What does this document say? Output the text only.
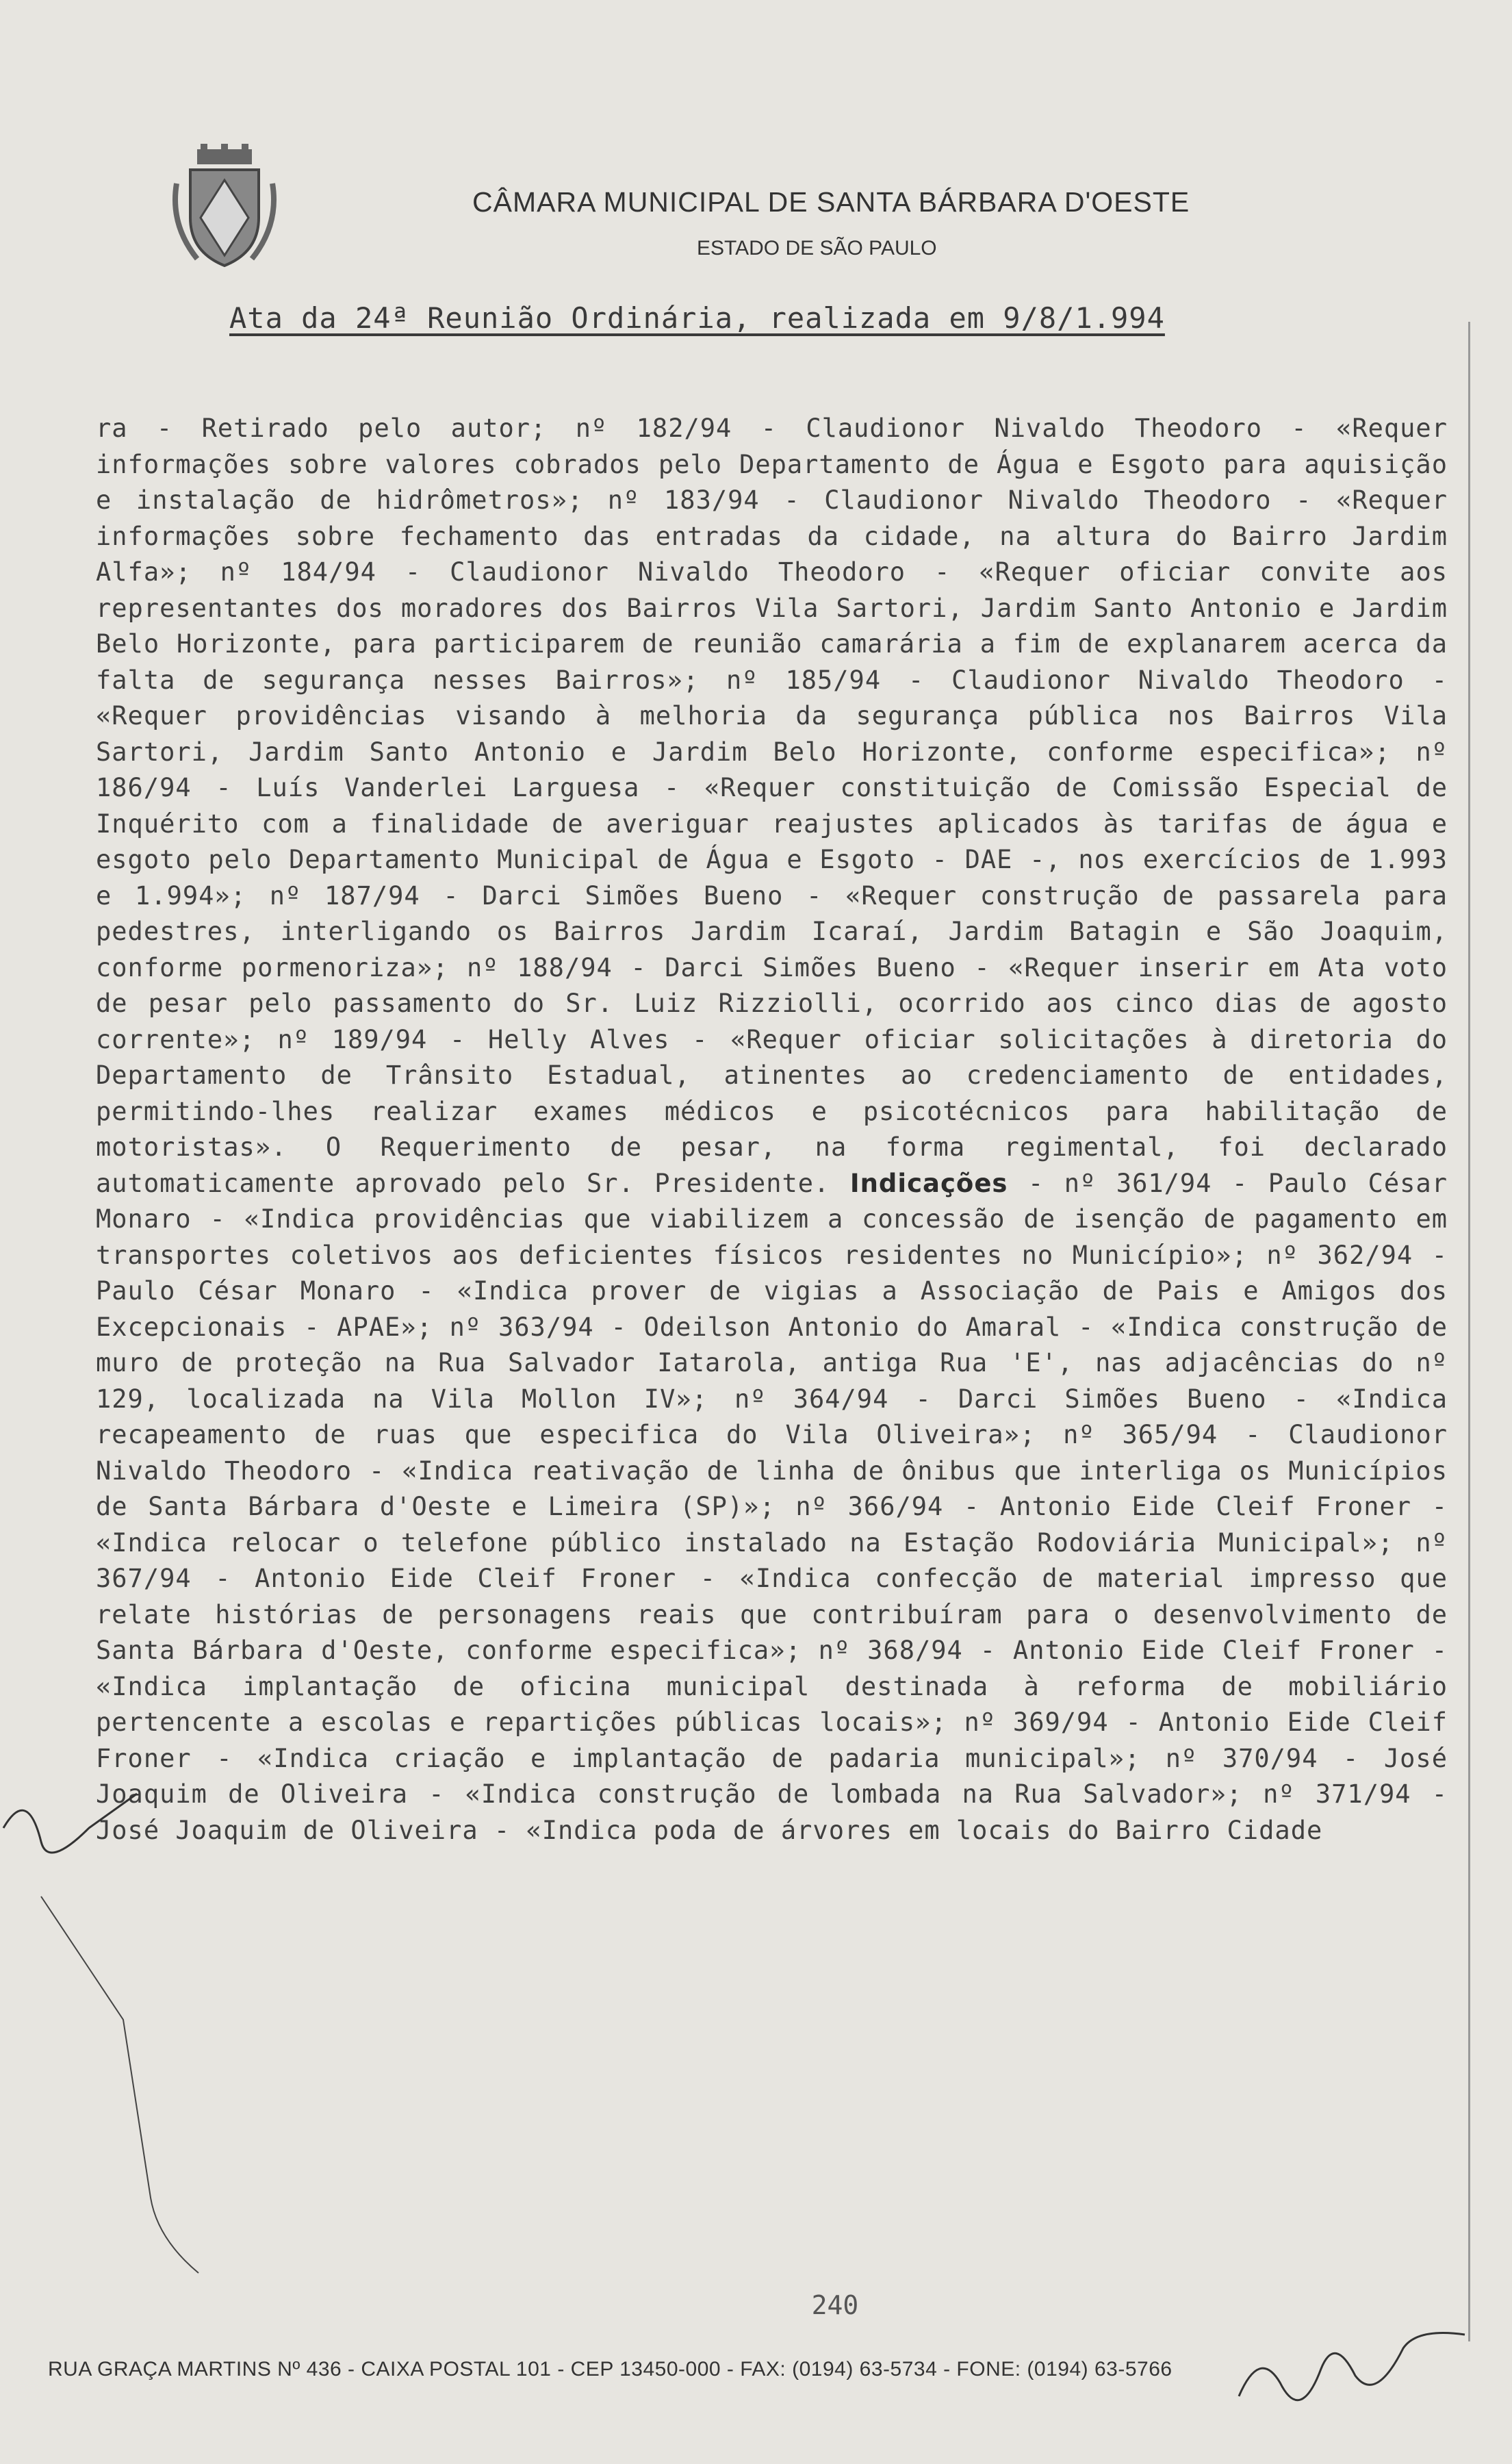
CÂMARA MUNICIPAL DE SANTA BÁRBARA D'OESTE
ESTADO DE SÃO PAULO
Ata da 24ª Reunião Ordinária, realizada em 9/8/1.994
ra - Retirado pelo autor; nº 182/94 - Claudionor Nivaldo Theodoro - «Requer informações sobre valores cobrados pelo Departamento de Água e Esgoto para aquisição e instalação de hidrômetros»; nº 183/94 - Claudionor Nivaldo Theodoro - «Requer informações sobre fechamento das entradas da cidade, na altura do Bairro Jardim Alfa»; nº 184/94 - Claudionor Nivaldo Theodoro - «Requer oficiar convite aos representantes dos moradores dos Bairros Vila Sartori, Jardim Santo Antonio e Jardim Belo Horizonte, para participarem de reunião camarária a fim de explanarem acerca da falta de segurança nesses Bairros»; nº 185/94 - Claudionor Nivaldo Theodoro - «Requer providências visando à melhoria da segurança pública nos Bairros Vila Sartori, Jardim Santo Antonio e Jardim Belo Horizonte, conforme especifica»; nº 186/94 - Luís Vanderlei Larguesa - «Requer constituição de Comissão Especial de Inquérito com a finalidade de averiguar reajustes aplicados às tarifas de água e esgoto pelo Departamento Municipal de Água e Esgoto - DAE -, nos exercícios de 1.993 e 1.994»; nº 187/94 - Darci Simões Bueno - «Requer construção de passarela para pedestres, interligando os Bairros Jardim Icaraí, Jardim Batagin e São Joaquim, conforme pormenoriza»; nº 188/94 - Darci Simões Bueno - «Requer inserir em Ata voto de pesar pelo passamento do Sr. Luiz Rizziolli, ocorrido aos cinco dias de agosto corrente»; nº 189/94 - Helly Alves - «Requer oficiar solicitações à diretoria do Departamento de Trânsito Estadual, atinentes ao credenciamento de entidades, permitindo-lhes realizar exames médicos e psicotécnicos para habilitação de motoristas». O Requerimento de pesar, na forma regimental, foi declarado automaticamente aprovado pelo Sr. Presidente. Indicações - nº 361/94 - Paulo César Monaro - «Indica providências que viabilizem a concessão de isenção de pagamento em transportes coletivos aos deficientes físicos residentes no Município»; nº 362/94 - Paulo César Monaro - «Indica prover de vigias a Associação de Pais e Amigos dos Excepcionais - APAE»; nº 363/94 - Odeilson Antonio do Amaral - «Indica construção de muro de proteção na Rua Salvador Iatarola, antiga Rua 'E', nas adjacências do nº 129, localizada na Vila Mollon IV»; nº 364/94 - Darci Simões Bueno - «Indica recapeamento de ruas que especifica do Vila Oliveira»; nº 365/94 - Claudionor Nivaldo Theodoro - «Indica reativação de linha de ônibus que interliga os Municípios de Santa Bárbara d'Oeste e Limeira (SP)»; nº 366/94 - Antonio Eide Cleif Froner - «Indica relocar o telefone público instalado na Estação Rodoviária Municipal»; nº 367/94 - Antonio Eide Cleif Froner - «Indica confecção de material impresso que relate histórias de personagens reais que contribuíram para o desenvolvimento de Santa Bárbara d'Oeste, conforme especifica»; nº 368/94 - Antonio Eide Cleif Froner - «Indica implantação de oficina municipal destinada à reforma de mobiliário pertencente a escolas e repartições públicas locais»; nº 369/94 - Antonio Eide Cleif Froner - «Indica criação e implantação de padaria municipal»; nº 370/94 - José Joaquim de Oliveira - «Indica construção de lombada na Rua Salvador»; nº 371/94 - José Joaquim de Oliveira - «Indica poda de árvores em locais do Bairro Cidade
240
RUA GRAÇA MARTINS Nº 436 - CAIXA POSTAL 101 - CEP 13450-000 - FAX: (0194) 63-5734 - FONE: (0194) 63-5766
